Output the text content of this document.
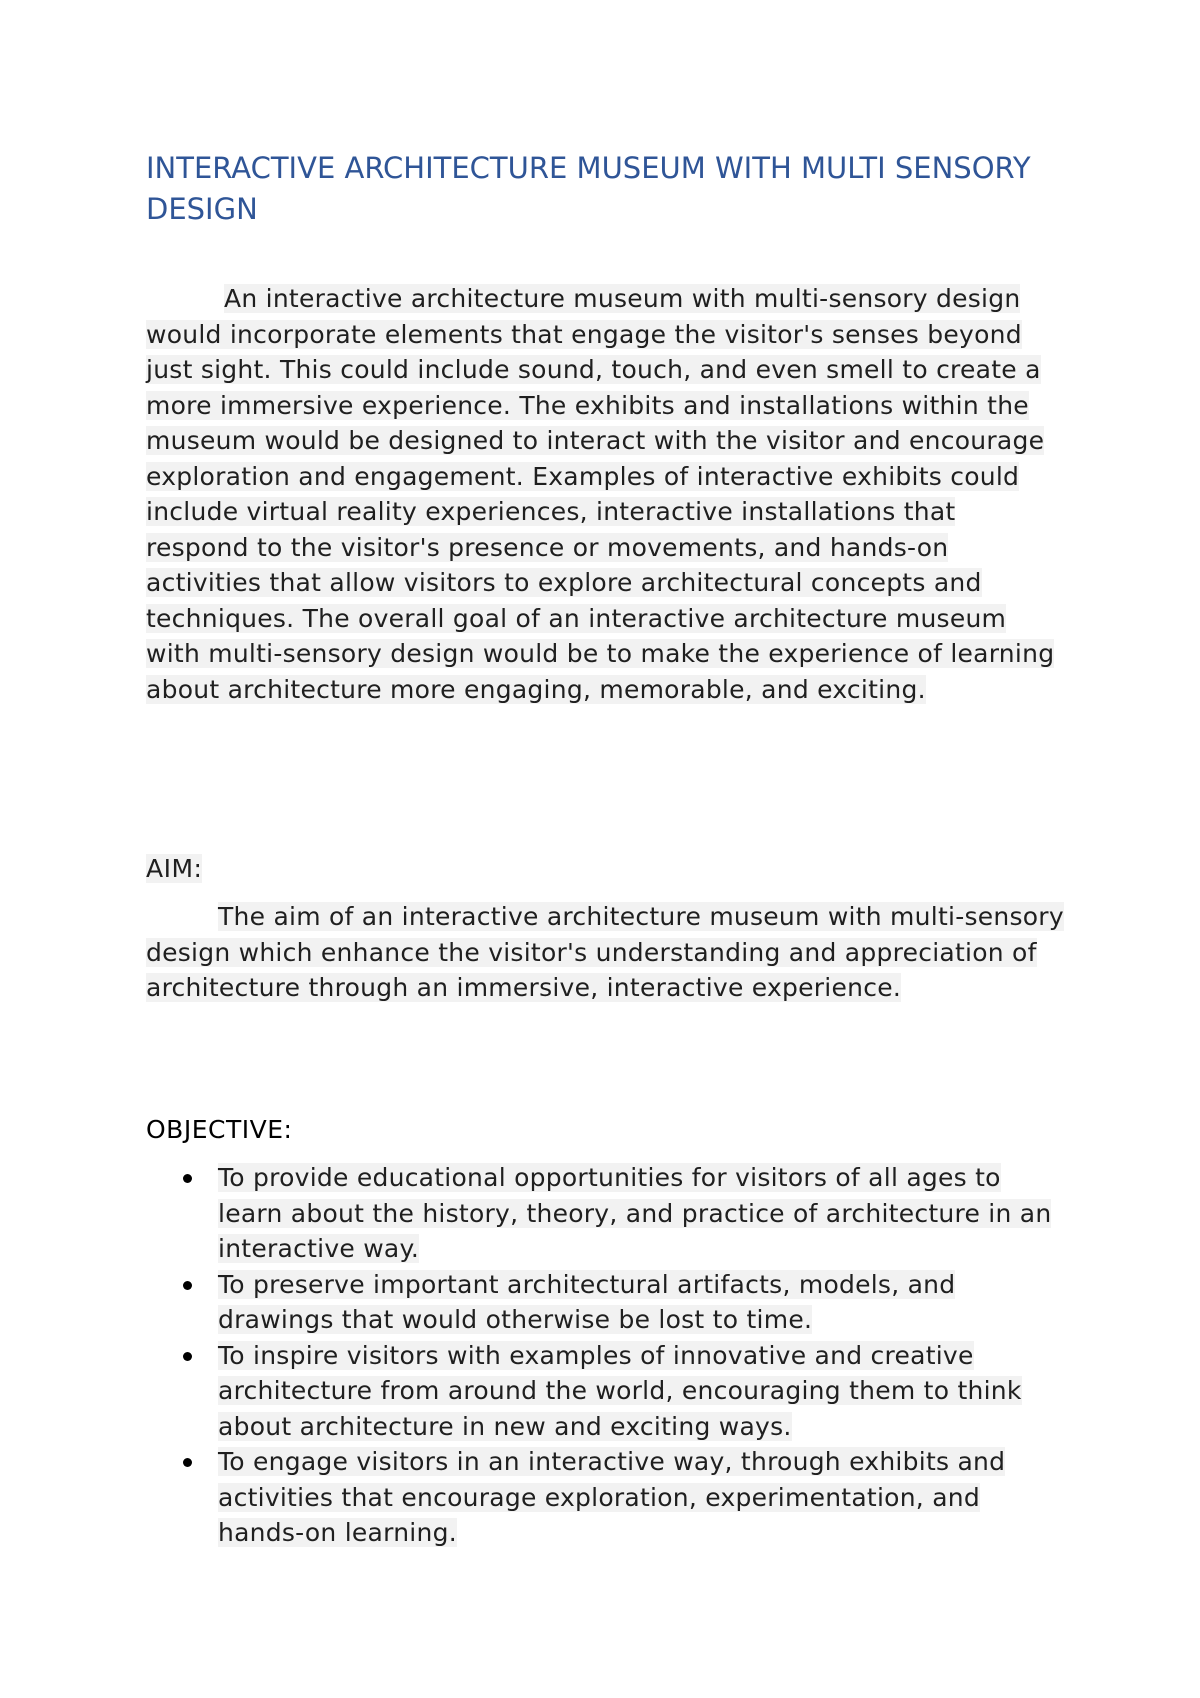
INTERACTIVE ARCHITECTURE MUSEUM WITH MULTI SENSORY DESIGN

An interactive architecture museum with multi-sensory design would incorporate elements that engage the visitor's senses beyond just sight. This could include sound, touch, and even smell to create a more immersive experience. The exhibits and installations within the museum would be designed to interact with the visitor and encourage exploration and engagement. Examples of interactive exhibits could include virtual reality experiences, interactive installations that respond to the visitor's presence or movements, and hands-on activities that allow visitors to explore architectural concepts and techniques. The overall goal of an interactive architecture museum with multi-sensory design would be to make the experience of learning about architecture more engaging, memorable, and exciting.

AIM:

The aim of an interactive architecture museum with multi-sensory design which enhance the visitor's understanding and appreciation of architecture through an immersive, interactive experience.

OBJECTIVE:
To provide educational opportunities for visitors of all ages to learn about the history, theory, and practice of architecture in an interactive way.
To preserve important architectural artifacts, models, and drawings that would otherwise be lost to time.
To inspire visitors with examples of innovative and creative architecture from around the world, encouraging them to think about architecture in new and exciting ways.
To engage visitors in an interactive way, through exhibits and activities that encourage exploration, experimentation, and hands-on learning.
